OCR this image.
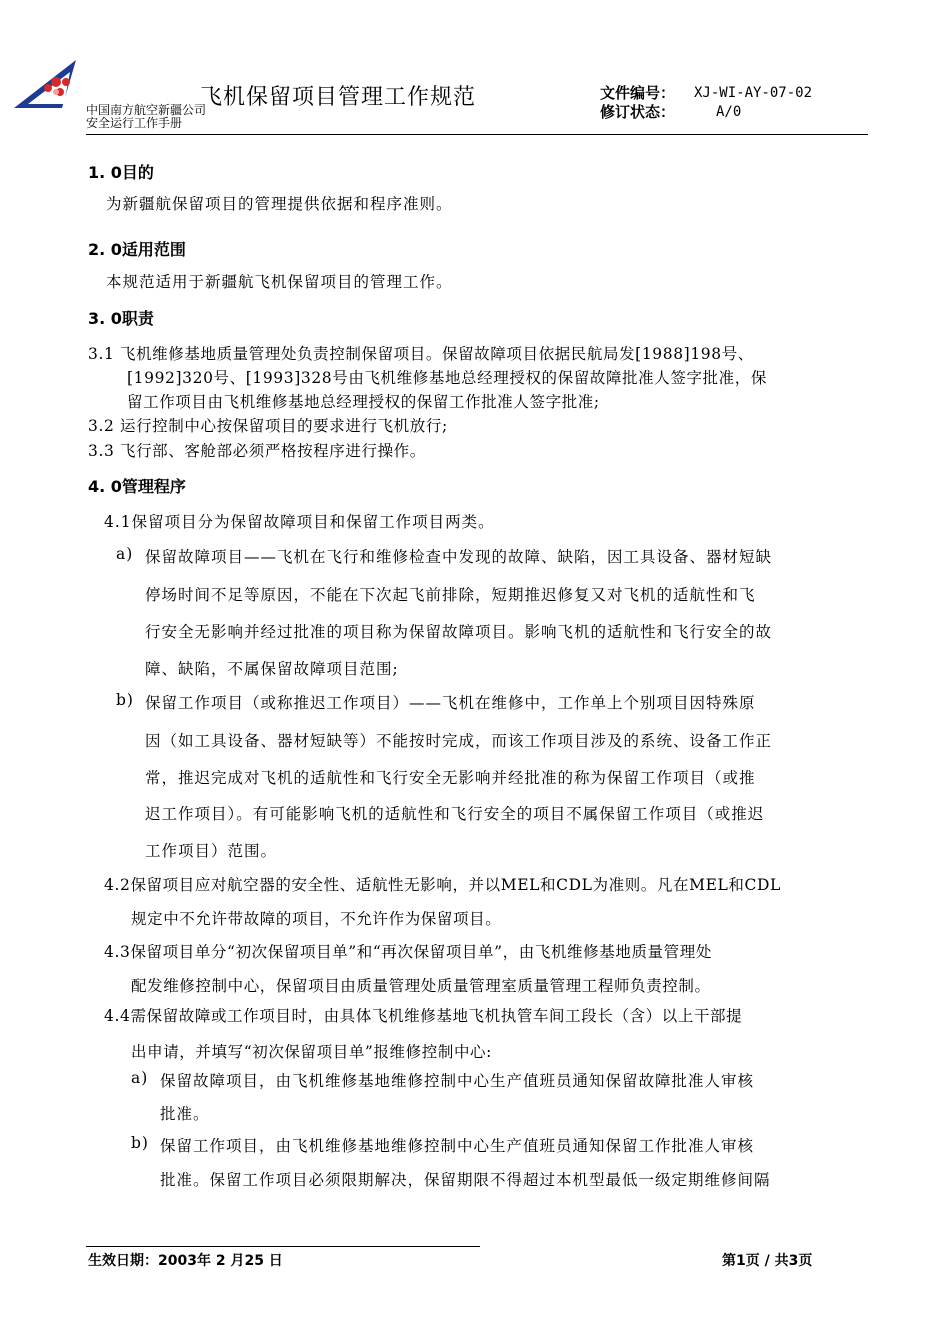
飞机保留项目管理工作规范
中国南方航空新疆公司
安全运行工作手册
文件编号：	XJ-WI-AY-07-02
修订状态：	A/0
1. 0目的
为新疆航保留项目的管理提供依据和程序准则。
2. 0适用范围
本规范适用于新疆航飞机保留项目的管理工作。
3. 0职责
3.1 飞机维修基地质量管理处负责控制保留项目。保留故障项目依据民航局发[1988]198号、
[1992]320号、[1993]328号由飞机维修基地总经理授权的保留故障批准人签字批准，保
留工作项目由飞机维修基地总经理授权的保留工作批准人签字批准;
3.2 运行控制中心按保留项目的要求进行飞机放行;
3.3 飞行部、客舱部必须严格按程序进行操作。
4. 0管理程序
4.1保留项目分为保留故障项目和保留工作项目两类。
a) 保留故障项目——飞机在飞行和维修检查中发现的故障、缺陷，因工具设备、器材短缺
停场时间不足等原因，不能在下次起飞前排除，短期推迟修复又对飞机的适航性和飞
行安全无影响并经过批准的项目称为保留故障项目。影响飞机的适航性和飞行安全的故
障、缺陷，不属保留故障项目范围;
b) 保留工作项目（或称推迟工作项目）——飞机在维修中，工作单上个别项目因特殊原
因（如工具设备、器材短缺等）不能按时完成，而该工作项目涉及的系统、设备工作正
常，推迟完成对飞机的适航性和飞行安全无影响并经批准的称为保留工作项目（或推
迟工作项目）。有可能影响飞机的适航性和飞行安全的项目不属保留工作项目（或推迟
工作项目）范围。
4.2保留项目应对航空器的安全性、适航性无影响，并以MEL和CDL为准则。凡在MEL和CDL
规定中不允许带故障的项目，不允许作为保留项目。
4.3保留项目单分“初次保留项目单”和“再次保留项目单”，由飞机维修基地质量管理处
配发维修控制中心，保留项目由质量管理处质量管理室质量管理工程师负责控制。
4.4需保留故障或工作项目时，由具体飞机维修基地飞机执管车间工段长（含）以上干部提
出申请，并填写“初次保留项目单”报维修控制中心:
a) 保留故障项目，由飞机维修基地维修控制中心生产值班员通知保留故障批准人审核
批准。
b) 保留工作项目，由飞机维修基地维修控制中心生产值班员通知保留工作批准人审核
批准。保留工作项目必须限期解决，保留期限不得超过本机型最低一级定期维修间隔
生效日期：2003年 2 月25 日	第1页 / 共3页
